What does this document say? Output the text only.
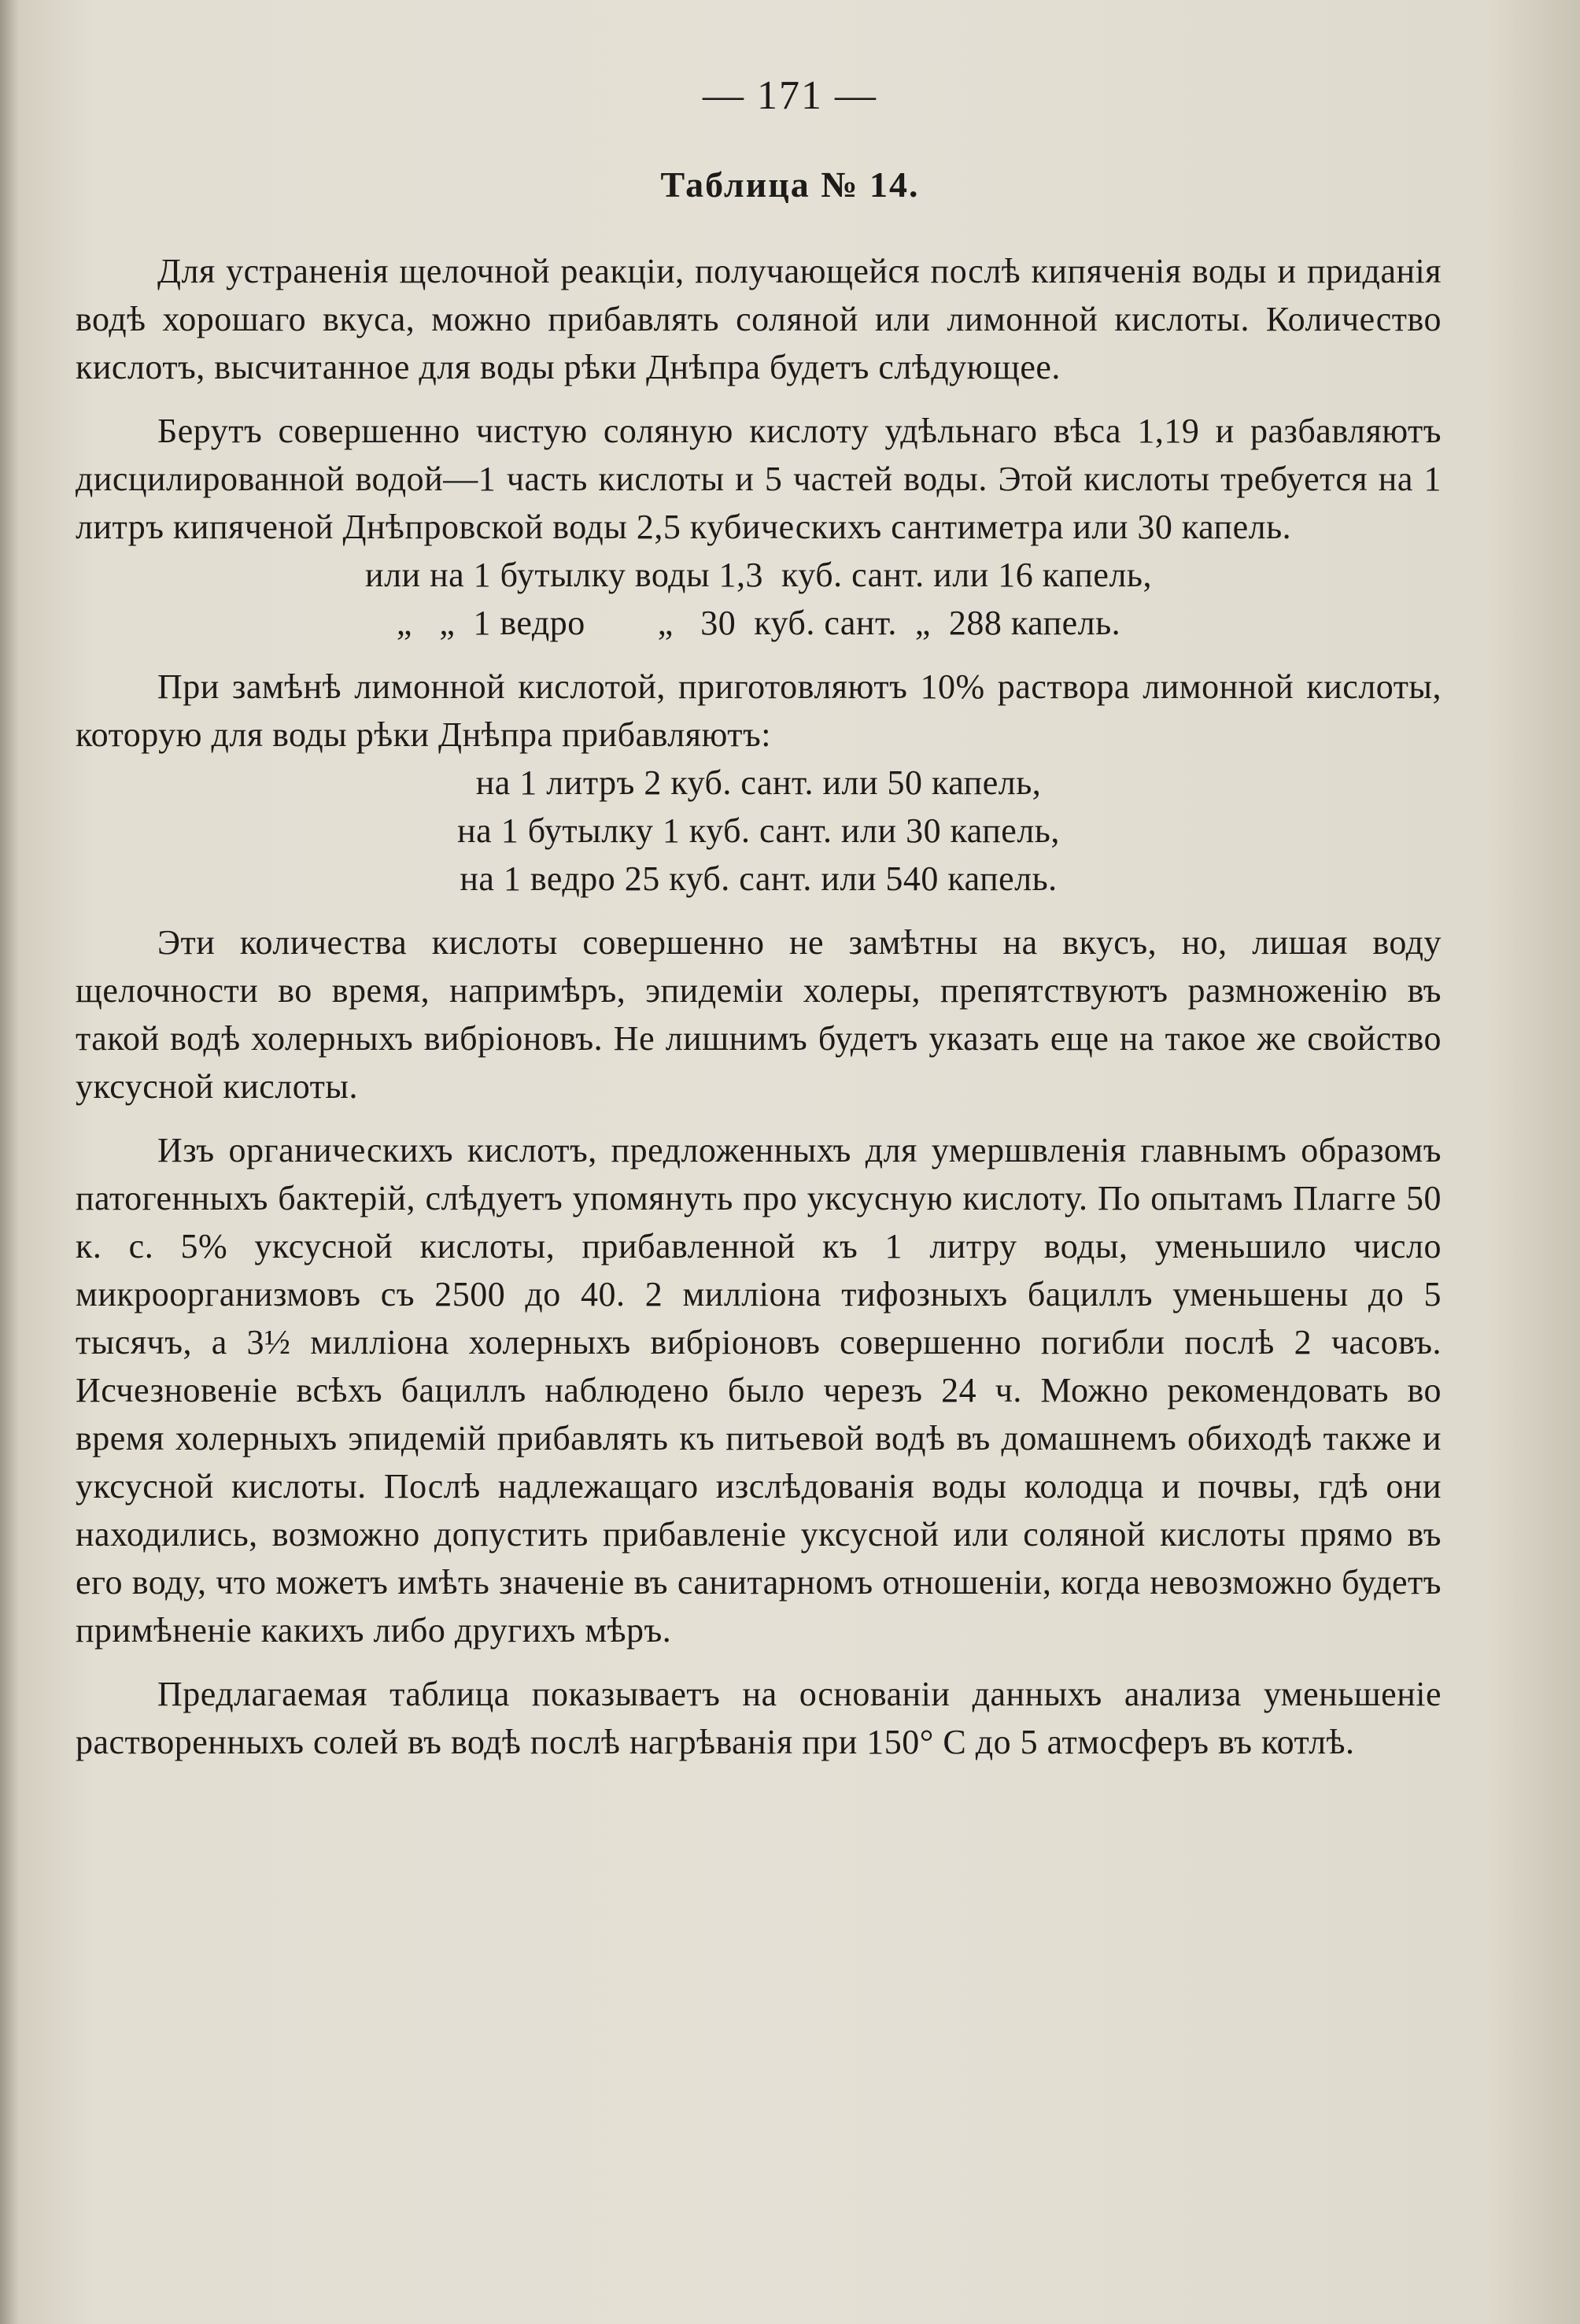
— 171 —
Таблица № 14.

Для устраненія щелочной реакціи, получающейся послѣ кипяченія воды и приданія водѣ хорошаго вкуса, можно прибавлять соляной или лимонной кислоты. Количество кислотъ, высчитанное для воды рѣки Днѣпра будетъ слѣдующее.

Берутъ совершенно чистую соляную кислоту удѣльнаго вѣса 1,19 и разбавляютъ дисцилированной водой—1 часть кислоты и 5 частей воды. Этой кислоты требуется на 1 литръ кипяченой Днѣпровской воды 2,5 кубическихъ сантиметра или 30 капель.

или на 1 бутылку воды 1,3  куб. сант. или 16 капель,

„   „  1 ведро        „   30  куб. сант.  „  288 капель.

При замѣнѣ лимонной кислотой, приготовляютъ 10% раствора лимонной кислоты, которую для воды рѣки Днѣпра прибавляютъ:

на 1 литръ 2 куб. сант. или 50 капель,

на 1 бутылку 1 куб. сант. или 30 капель,

на 1 ведро 25 куб. сант. или 540 капель.

Эти количества кислоты совершенно не замѣтны на вкусъ, но, лишая воду щелочности во время, напримѣръ, эпидеміи холеры, препятствуютъ размноженію въ такой водѣ холерныхъ вибріоновъ. Не лишнимъ будетъ указать еще на такое же свойство уксусной кислоты.

Изъ органическихъ кислотъ, предложенныхъ для умершвленія главнымъ образомъ патогенныхъ бактерій, слѣдуетъ упомянуть про уксусную кислоту. По опытамъ Плагге 50 к. с. 5% уксусной кислоты, прибавленной къ 1 литру воды, уменьшило число микроорганизмовъ съ 2500 до 40. 2 милліона тифозныхъ бациллъ уменьшены до 5 тысячъ, а 3½ милліона холерныхъ вибріоновъ совершенно погибли послѣ 2 часовъ. Исчезновеніе всѣхъ бациллъ наблюдено было черезъ 24 ч. Можно рекомендовать во время холерныхъ эпидемій прибавлять къ питьевой водѣ въ домашнемъ обиходѣ также и уксусной кислоты. Послѣ надлежащаго изслѣдованія воды колодца и почвы, гдѣ они находились, возможно допустить прибавленіе уксусной или соляной кислоты прямо въ его воду, что можетъ имѣть значеніе въ санитарномъ отношеніи, когда невозможно будетъ примѣненіе какихъ либо другихъ мѣръ.

Предлагаемая таблица показываетъ на основаніи данныхъ анализа уменьшеніе растворенныхъ солей въ водѣ послѣ нагрѣванія при 150° С до 5 атмосферъ въ котлѣ.
